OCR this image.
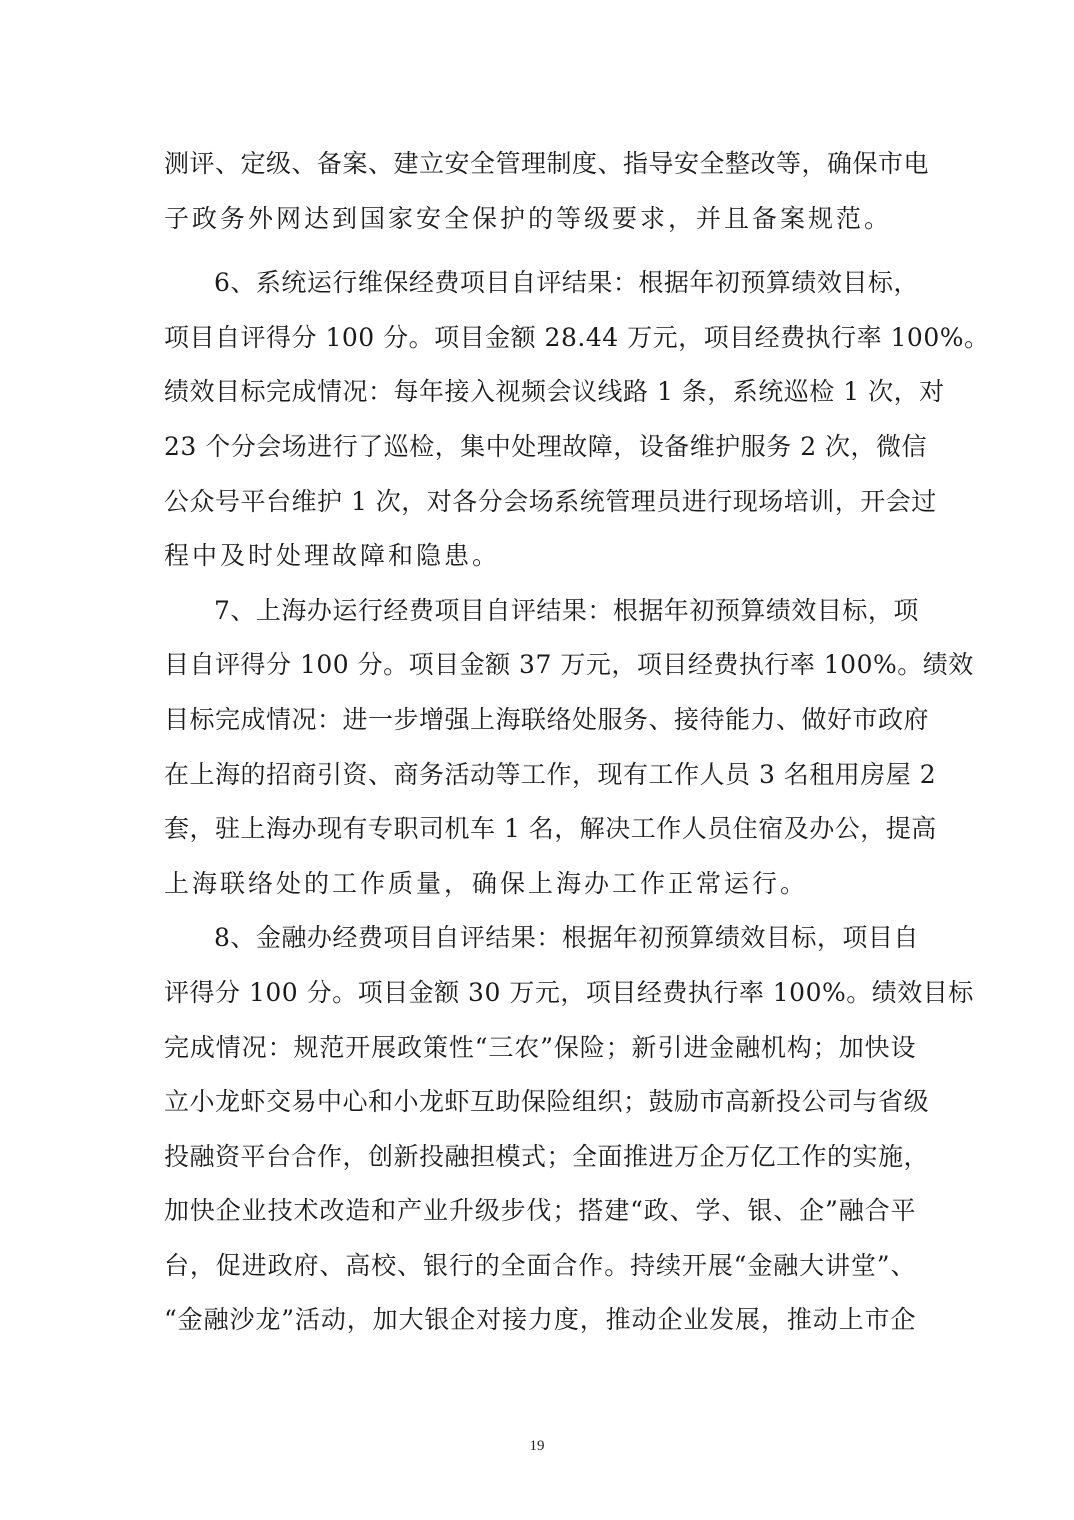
测评、定级、备案、建立安全管理制度、指导安全整改等，确保市电
子政务外网达到国家安全保护的等级要求，并且备案规范。
6、系统运行维保经费项目自评结果：根据年初预算绩效目标，
项目自评得分 100 分。项目金额 28.44 万元，项目经费执行率 100%。
绩效目标完成情况：每年接入视频会议线路 1 条，系统巡检 1 次，对
23 个分会场进行了巡检，集中处理故障，设备维护服务 2 次，微信
公众号平台维护 1 次，对各分会场系统管理员进行现场培训，开会过
程中及时处理故障和隐患。
7、上海办运行经费项目自评结果：根据年初预算绩效目标，项
目自评得分 100 分。项目金额 37 万元，项目经费执行率 100%。绩效
目标完成情况：进一步增强上海联络处服务、接待能力、做好市政府
在上海的招商引资、商务活动等工作，现有工作人员 3 名租用房屋 2
套，驻上海办现有专职司机车 1 名，解决工作人员住宿及办公，提高
上海联络处的工作质量，确保上海办工作正常运行。
8、金融办经费项目自评结果：根据年初预算绩效目标，项目自
评得分 100 分。项目金额 30 万元，项目经费执行率 100%。绩效目标
完成情况：规范开展政策性“三农”保险；新引进金融机构；加快设
立小龙虾交易中心和小龙虾互助保险组织；鼓励市高新投公司与省级
投融资平台合作，创新投融担模式；全面推进万企万亿工作的实施，
加快企业技术改造和产业升级步伐；搭建“政、学、银、企”融合平
台，促进政府、高校、银行的全面合作。持续开展“金融大讲堂”、
“金融沙龙”活动，加大银企对接力度，推动企业发展，推动上市企
19
